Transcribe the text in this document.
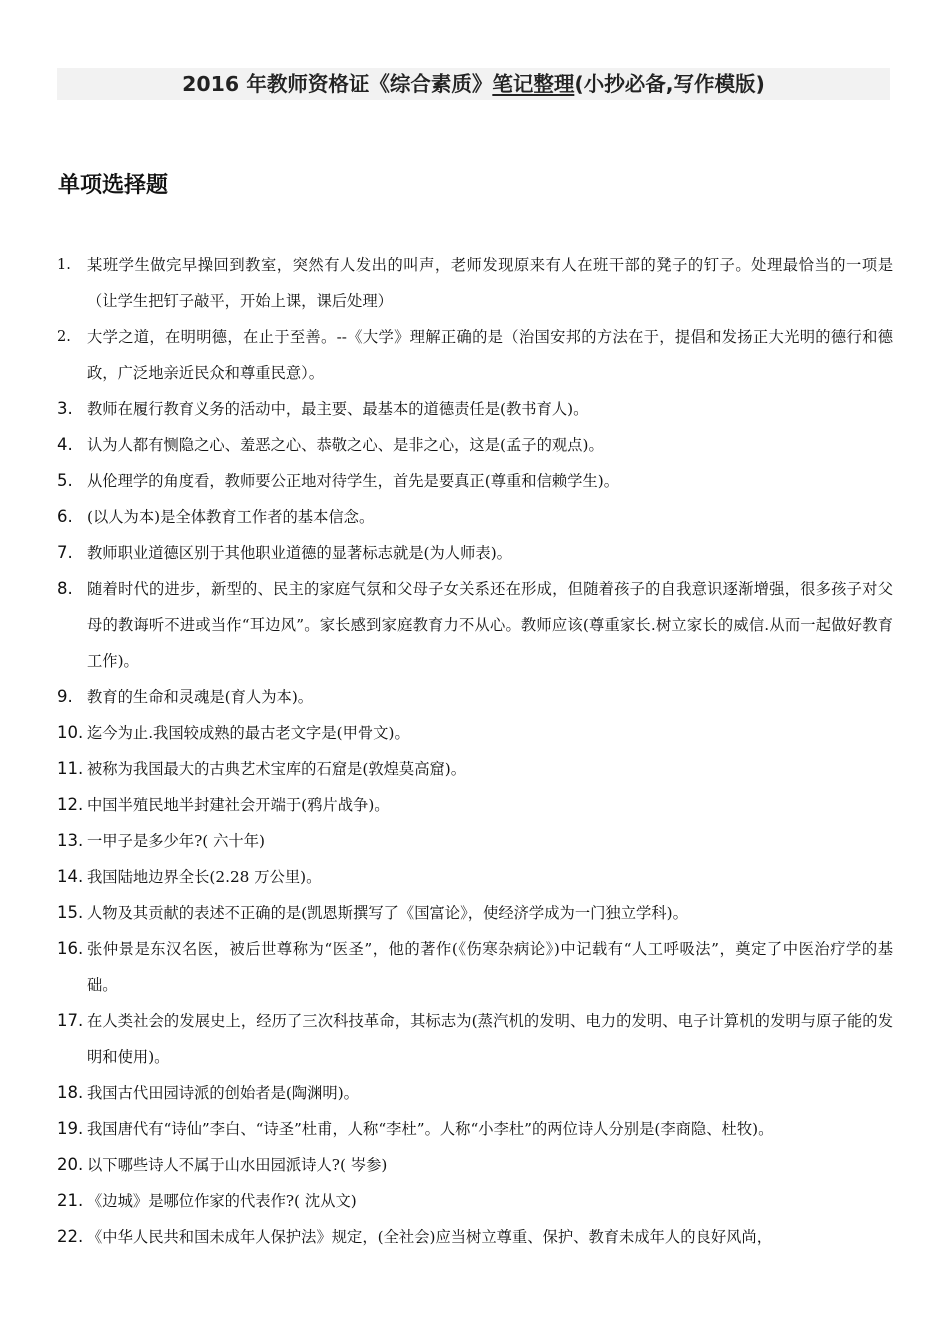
2016 年教师资格证《综合素质》笔记整理(小抄必备,写作模版)
单项选择题
1. 某班学生做完早操回到教室，突然有人发出的叫声，老师发现原来有人在班干部的凳子的钉子。处理最恰当的一项是（让学生把钉子敲平，开始上课，课后处理）
2. 大学之道，在明明德，在止于至善。--《大学》理解正确的是（治国安邦的方法在于，提倡和发扬正大光明的德行和德政，广泛地亲近民众和尊重民意）。
3. 教师在履行教育义务的活动中，最主要、最基本的道德责任是(教书育人)。
4. 认为人都有恻隐之心、羞恶之心、恭敬之心、是非之心，这是(孟子的观点)。
5. 从伦理学的角度看，教师要公正地对待学生，首先是要真正(尊重和信赖学生)。
6. (以人为本)是全体教育工作者的基本信念。
7. 教师职业道德区别于其他职业道德的显著标志就是(为人师表)。
8. 随着时代的进步，新型的、民主的家庭气氛和父母子女关系还在形成，但随着孩子的自我意识逐渐增强，很多孩子对父母的教诲听不进或当作“耳边风”。家长感到家庭教育力不从心。教师应该(尊重家长.树立家长的威信.从而一起做好教育工作)。
9. 教育的生命和灵魂是(育人为本)。
10. 迄今为止.我国较成熟的最古老文字是(甲骨文)。
11. 被称为我国最大的古典艺术宝库的石窟是(敦煌莫高窟)。
12. 中国半殖民地半封建社会开端于(鸦片战争)。
13. 一甲子是多少年?( 六十年)
14. 我国陆地边界全长(2.28 万公里)。
15. 人物及其贡献的表述不正确的是(凯恩斯撰写了《国富论》，使经济学成为一门独立学科)。
16. 张仲景是东汉名医，被后世尊称为“医圣”，他的著作(《伤寒杂病论》)中记载有“人工呼吸法”，奠定了中医治疗学的基础。
17. 在人类社会的发展史上，经历了三次科技革命，其标志为(蒸汽机的发明、电力的发明、电子计算机的发明与原子能的发明和使用)。
18. 我国古代田园诗派的创始者是(陶渊明)。
19. 我国唐代有“诗仙”李白、“诗圣”杜甫，人称“李杜”。人称“小李杜”的两位诗人分别是(李商隐、杜牧)。
20. 以下哪些诗人不属于山水田园派诗人?( 岑参)
21. 《边城》是哪位作家的代表作?( 沈从文)
22. 《中华人民共和国未成年人保护法》规定，(全社会)应当树立尊重、保护、教育未成年人的良好风尚，
